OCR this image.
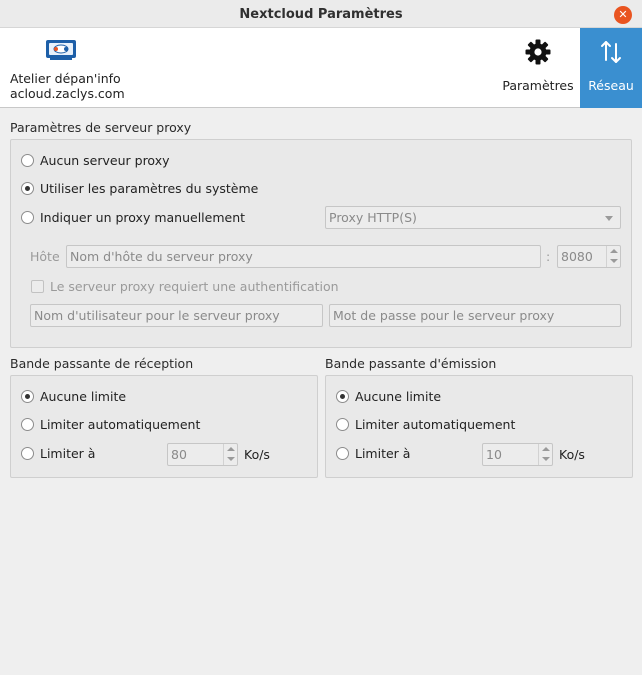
Nextcloud Paramètres	✕
Atelier dépan'info
acloud.zaclys.com
Paramètres	Réseau
Paramètres de serveur proxy
Aucun serveur proxy
Utiliser les paramètres du système
Indiquer un proxy manuellement	Proxy HTTP(S)
Hôte Nom d'hôte du serveur proxy	: 8080
Le serveur proxy requiert une authentification
Nom d'utilisateur pour le serveur proxy	Mot de passe pour le serveur proxy
Bande passante de réception
Aucune limite
Limiter automatiquement
Limiter à	80	Ko/s
Bande passante d'émission
Aucune limite
Limiter automatiquement
Limiter à	10	Ko/s
